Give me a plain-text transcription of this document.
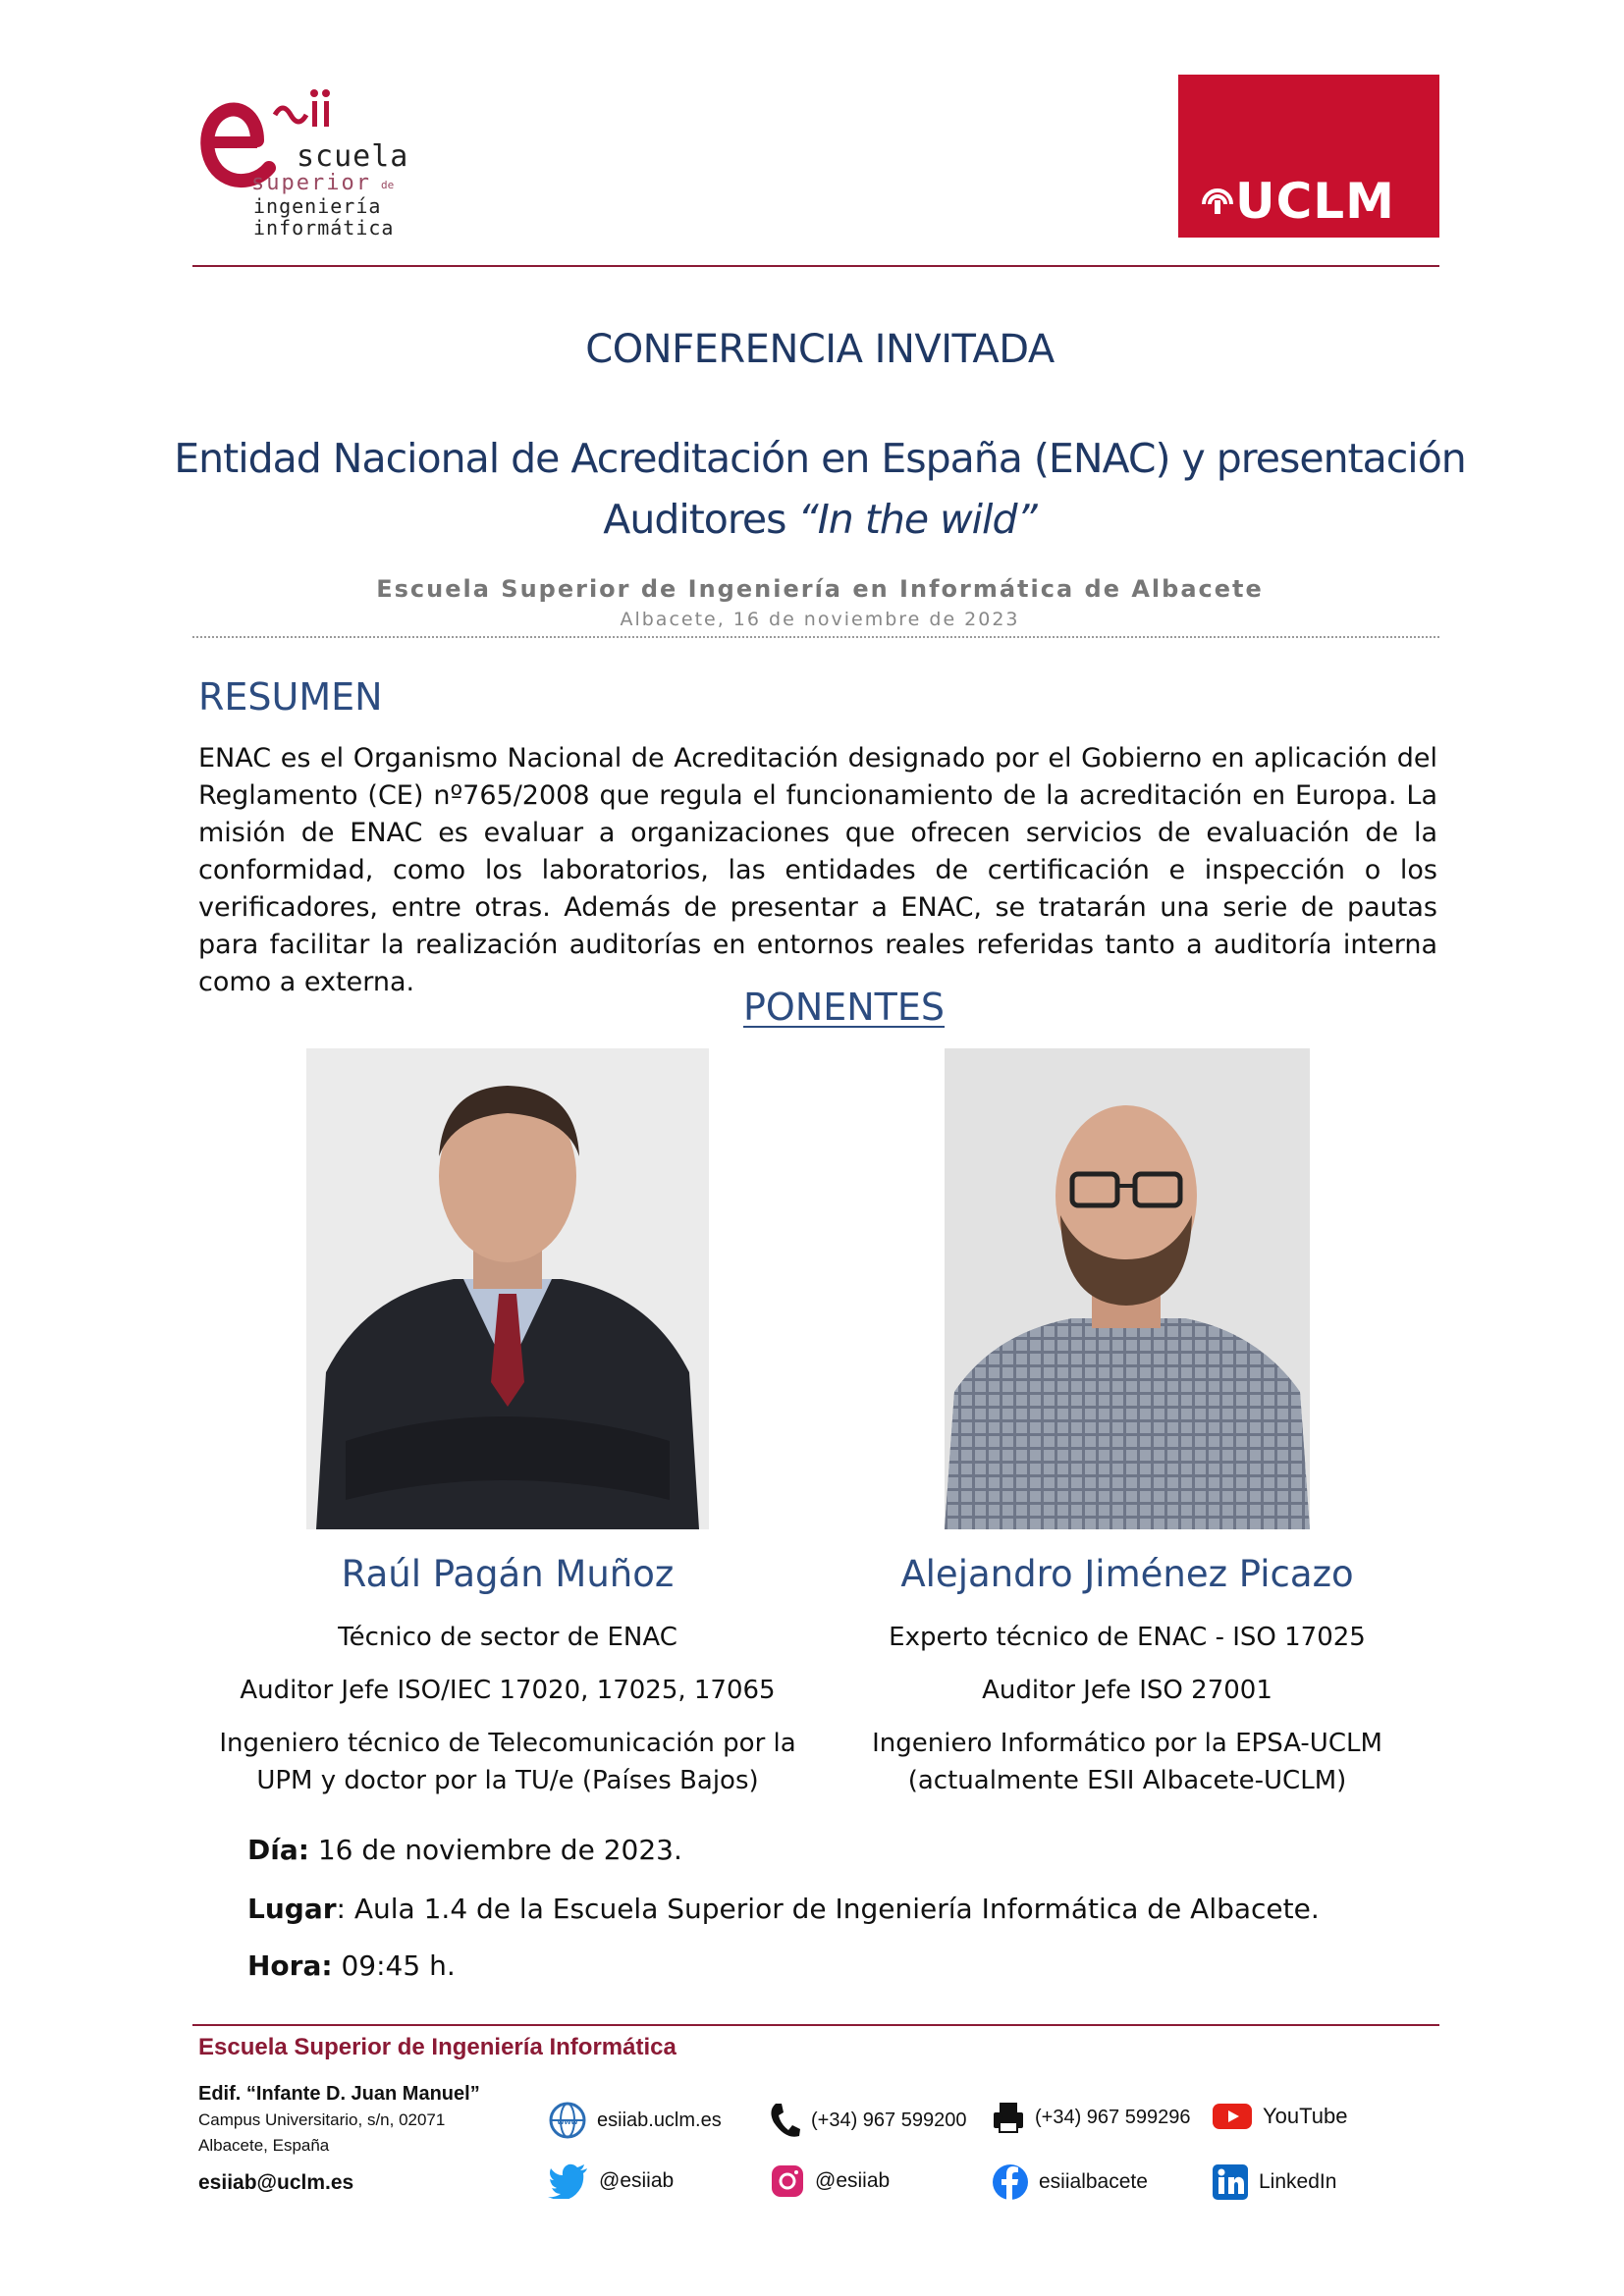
scuela
superior de
ingeniería
informática	UCLM
CONFERENCIA INVITADA
Entidad Nacional de Acreditación en España (ENAC) y presentación
Auditores “In the wild”
Escuela Superior de Ingeniería en Informática de Albacete
Albacete, 16 de noviembre de 2023
RESUMEN
ENAC es el Organismo Nacional de Acreditación designado por el Gobierno en aplicación del Reglamento (CE) nº765/2008 que regula el funcionamiento de la acreditación en Europa. La misión de ENAC es evaluar a organizaciones que ofrecen servicios de evaluación de la conformidad, como los laboratorios, las entidades de certificación e inspección o los verificadores, entre otras. Además de presentar a ENAC, se tratarán una serie de pautas para facilitar la realización auditorías en entornos reales referidas tanto a auditoría interna como a externa.
PONENTES
Raúl Pagán Muñoz
Técnico de sector de ENAC
Auditor Jefe ISO/IEC 17020, 17025, 17065
Ingeniero técnico de Telecomunicación por la
UPM y doctor por la TU/e (Países Bajos)
Alejandro Jiménez Picazo
Experto técnico de ENAC - ISO 17025
Auditor Jefe ISO 27001
Ingeniero Informático por la EPSA-UCLM
(actualmente ESII Albacete-UCLM)
Día: 16 de noviembre de 2023.
Lugar: Aula 1.4 de la Escuela Superior de Ingeniería Informática de Albacete.
Hora: 09:45 h.
Escuela Superior de Ingeniería Informática
Edif. “Infante D. Juan Manuel”
Campus Universitario, s/n, 02071
Albacete, España
esiiab@uclm.es
www esiiab.uclm.es	(+34) 967 599200	(+34) 967 599296	YouTube
@esiiab	@esiiab	esiialbacete	LinkedIn
